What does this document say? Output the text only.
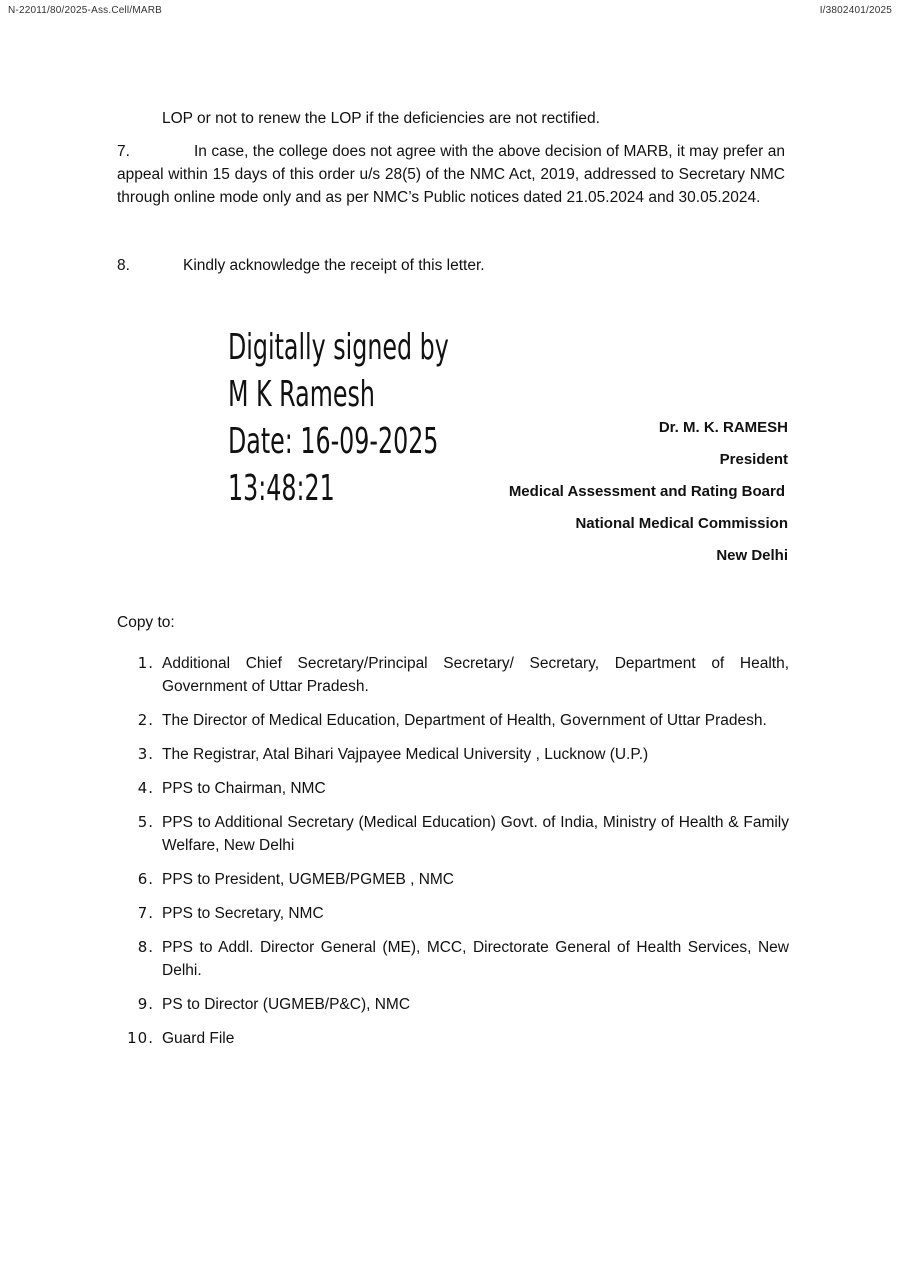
N-22011/80/2025-Ass.Cell/MARB	I/3802401/2025
LOP or not to renew the LOP if the deficiencies are not rectified.
7.	In case, the college does not agree with the above decision of MARB, it may prefer an appeal within 15 days of this order u/s 28(5) of the NMC Act, 2019, addressed to Secretary NMC through online mode only and as per NMC’s Public notices dated 21.05.2024 and 30.05.2024.
8.	Kindly acknowledge the receipt of this letter.
Digitally signed by
M K Ramesh
Date: 16-09-2025
13:48:21
Dr. M. K. RAMESH
President
Medical Assessment and Rating Board
National Medical Commission
New Delhi
Copy to:
1. Additional Chief Secretary/Principal Secretary/ Secretary, Department of Health, Government of Uttar Pradesh.
2. The Director of Medical Education, Department of Health, Government of Uttar Pradesh.
3. The Registrar, Atal Bihari Vajpayee Medical University , Lucknow (U.P.)
4. PPS to Chairman, NMC
5. PPS to Additional Secretary (Medical Education) Govt. of India, Ministry of Health & Family Welfare, New Delhi
6. PPS to President, UGMEB/PGMEB , NMC
7. PPS to Secretary, NMC
8. PPS to Addl. Director General (ME), MCC, Directorate General of Health Services, New Delhi.
9. PS to Director (UGMEB/P&C), NMC
10. Guard File
